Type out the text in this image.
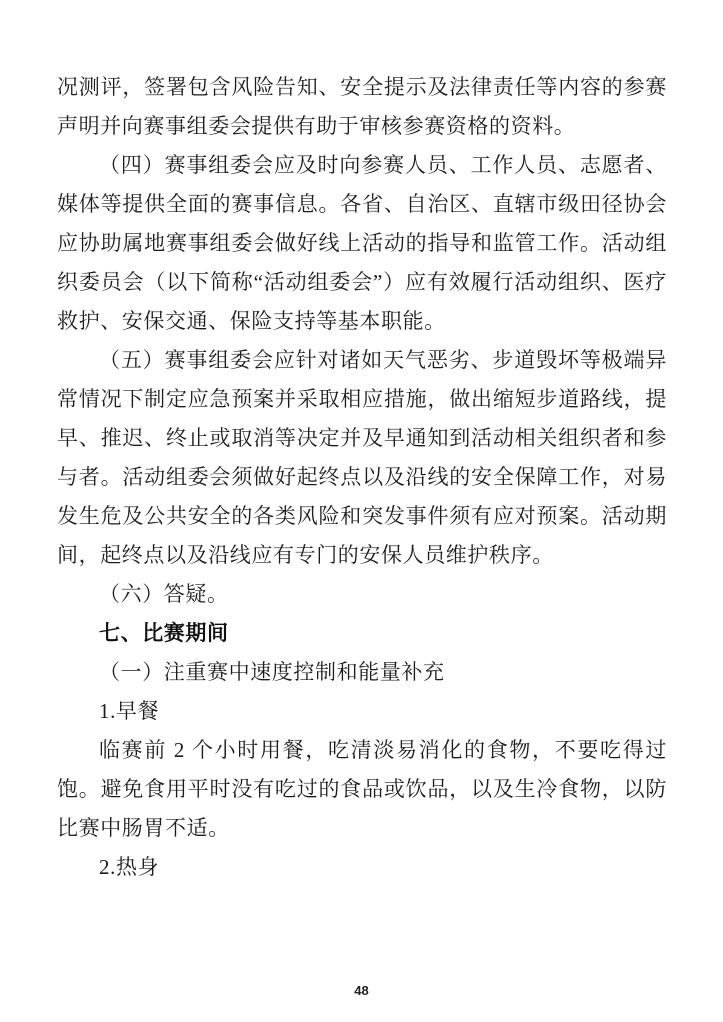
况测评，签署包含风险告知、安全提示及法律责任等内容的参赛声明并向赛事组委会提供有助于审核参赛资格的资料。

（四）赛事组委会应及时向参赛人员、工作人员、志愿者、媒体等提供全面的赛事信息。各省、自治区、直辖市级田径协会应协助属地赛事组委会做好线上活动的指导和监管工作。活动组织委员会（以下简称“活动组委会”）应有效履行活动组织、医疗救护、安保交通、保险支持等基本职能。

（五）赛事组委会应针对诸如天气恶劣、步道毁坏等极端异常情况下制定应急预案并采取相应措施，做出缩短步道路线，提早、推迟、终止或取消等决定并及早通知到活动相关组织者和参与者。活动组委会须做好起终点以及沿线的安全保障工作，对易发生危及公共安全的各类风险和突发事件须有应对预案。活动期间，起终点以及沿线应有专门的安保人员维护秩序。

（六）答疑。

七、比赛期间

（一）注重赛中速度控制和能量补充

1.早餐

临赛前 2 个小时用餐，吃清淡易消化的食物，不要吃得过饱。避免食用平时没有吃过的食品或饮品，以及生冷食物，以防比赛中肠胃不适。

2.热身

48
